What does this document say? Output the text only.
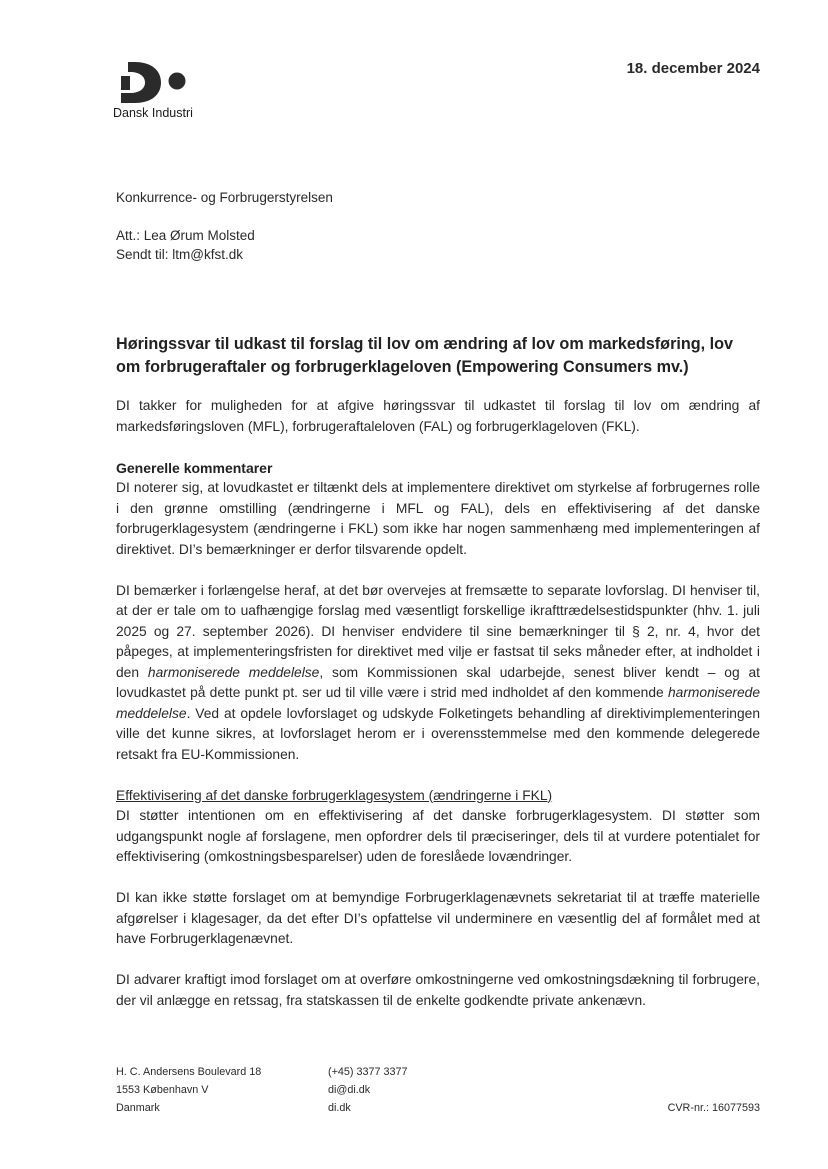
Dansk Industri
18. december 2024

Konkurrence- og Forbrugerstyrelsen

Att.: Lea Ørum Molsted

Sendt til: ltm@kfst.dk

Høringssvar til udkast til forslag til lov om ændring af lov om markedsføring, lov om forbrugeraftaler og forbrugerklageloven (Empowering Consumers mv.)

DI takker for muligheden for at afgive høringssvar til udkastet til forslag til lov om ændring af markedsføringsloven (MFL), forbrugeraftaleloven (FAL) og forbrugerklageloven (FKL).

Generelle kommentarer

DI noterer sig, at lovudkastet er tiltænkt dels at implementere direktivet om styrkelse af forbrugernes rolle i den grønne omstilling (ændringerne i MFL og FAL), dels en effektivisering af det danske forbrugerklagesystem (ændringerne i FKL) som ikke har nogen sammenhæng med implementeringen af direktivet. DI’s bemærkninger er derfor tilsvarende opdelt.

DI bemærker i forlængelse heraf, at det bør overvejes at fremsætte to separate lovforslag. DI henviser til, at der er tale om to uafhængige forslag med væsentligt forskellige ikrafttrædelsestidspunkter (hhv. 1. juli 2025 og 27. september 2026). DI henviser endvidere til sine bemærkninger til § 2, nr. 4, hvor det påpeges, at implementeringsfristen for direktivet med vilje er fastsat til seks måneder efter, at indholdet i den harmoniserede meddelelse, som Kommissionen skal udarbejde, senest bliver kendt – og at lovudkastet på dette punkt pt. ser ud til ville være i strid med indholdet af den kommende harmoniserede meddelelse. Ved at opdele lovforslaget og udskyde Folketingets behandling af direktivimplementeringen ville det kunne sikres, at lovforslaget herom er i overensstemmelse med den kommende delegerede retsakt fra EU-Kommissionen.

Effektivisering af det danske forbrugerklagesystem (ændringerne i FKL)

DI støtter intentionen om en effektivisering af det danske forbrugerklagesystem. DI støtter som udgangspunkt nogle af forslagene, men opfordrer dels til præciseringer, dels til at vurdere potentialet for effektivisering (omkostningsbesparelser) uden de foreslåede lovændringer.

DI kan ikke støtte forslaget om at bemyndige Forbrugerklagenævnets sekretariat til at træffe materielle afgørelser i klagesager, da det efter DI’s opfattelse vil underminere en væsentlig del af formålet med at have Forbrugerklagenævnet.

DI advarer kraftigt imod forslaget om at overføre omkostningerne ved omkostningsdækning til forbrugere, der vil anlægge en retssag, fra statskassen til de enkelte godkendte private ankenævn.

H. C. Andersens Boulevard 18
1553 København V
Danmark
(+45) 3377 3377
di@di.dk
di.dk	CVR-nr.: 16077593
